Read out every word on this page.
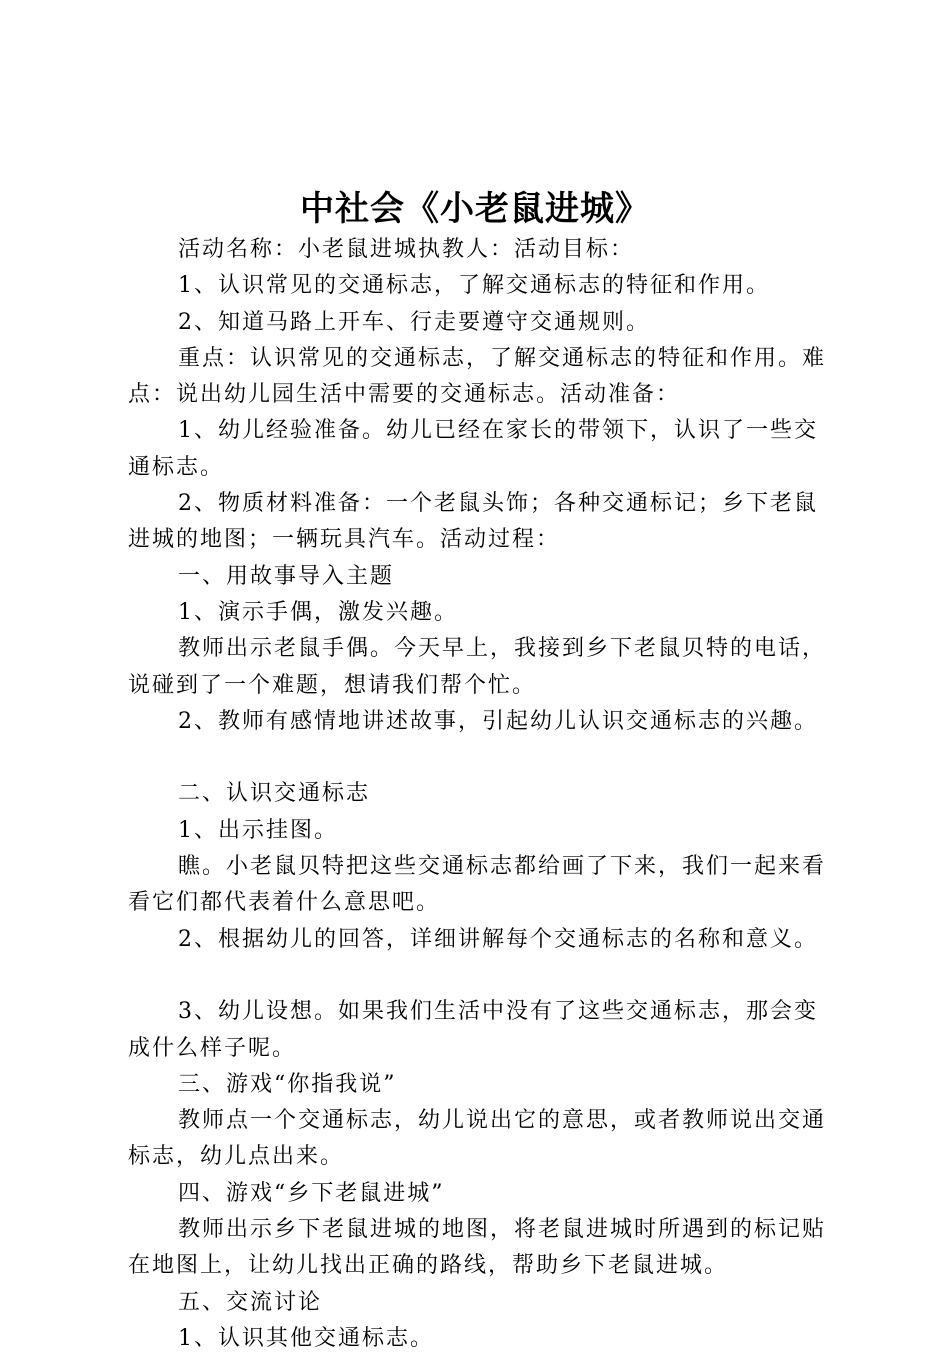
中社会《小老鼠进城》

活动名称：小老鼠进城执教人：活动目标：

1、认识常见的交通标志，了解交通标志的特征和作用。

2、知道马路上开车、行走要遵守交通规则。

重点：认识常见的交通标志，了解交通标志的特征和作用。难点：说出幼儿园生活中需要的交通标志。活动准备：

1、幼儿经验准备。幼儿已经在家长的带领下，认识了一些交通标志。

2、物质材料准备：一个老鼠头饰；各种交通标记；乡下老鼠进城的地图；一辆玩具汽车。活动过程：

一、用故事导入主题

1、演示手偶，激发兴趣。

教师出示老鼠手偶。今天早上，我接到乡下老鼠贝特的电话，说碰到了一个难题，想请我们帮个忙。

2、教师有感情地讲述故事，引起幼儿认识交通标志的兴趣。

二、认识交通标志

1、出示挂图。

瞧。小老鼠贝特把这些交通标志都给画了下来，我们一起来看看它们都代表着什么意思吧。

2、根据幼儿的回答，详细讲解每个交通标志的名称和意义。

3、幼儿设想。如果我们生活中没有了这些交通标志，那会变成什么样子呢。

三、游戏“你指我说”

教师点一个交通标志，幼儿说出它的意思，或者教师说出交通标志，幼儿点出来。

四、游戏“乡下老鼠进城”

教师出示乡下老鼠进城的地图，将老鼠进城时所遇到的标记贴在地图上，让幼儿找出正确的路线，帮助乡下老鼠进城。

五、交流讨论

1、认识其他交通标志。
